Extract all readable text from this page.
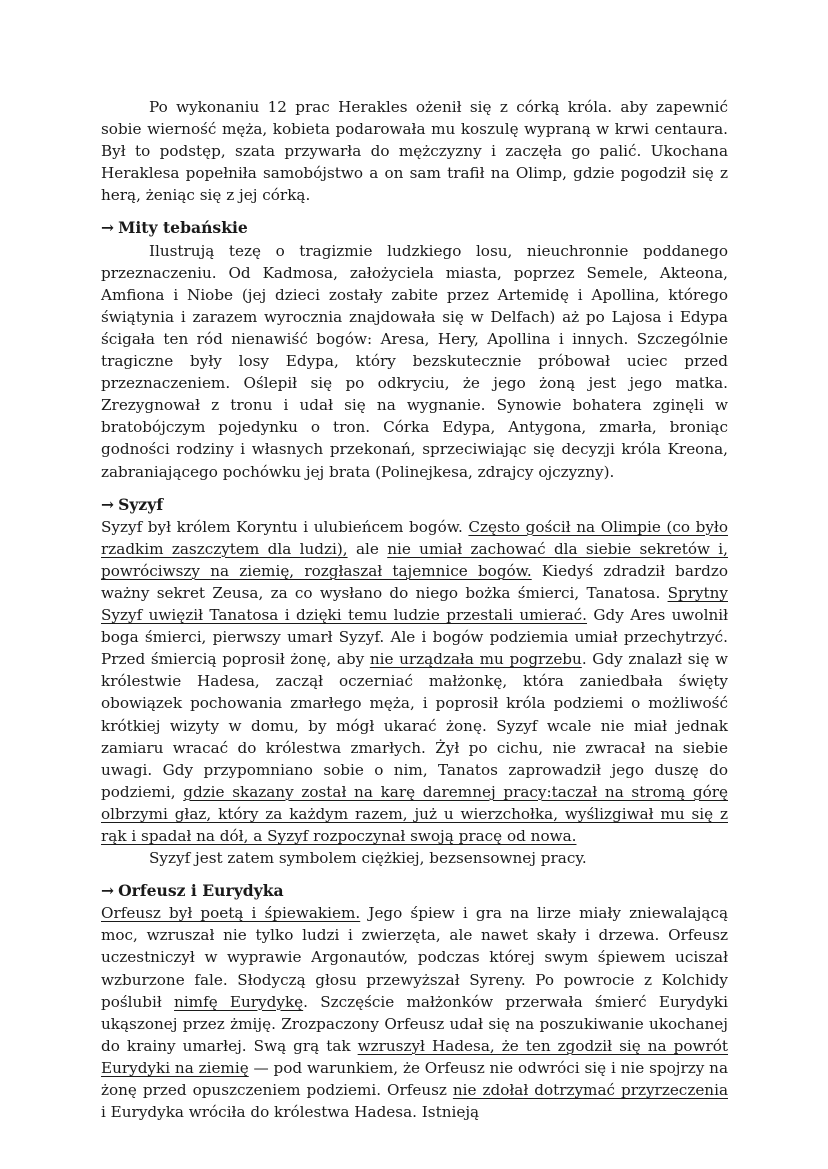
Po wykonaniu 12 prac Herakles ożenił się z córką króla. aby zapewnić sobie wierność męża, kobieta podarowała mu koszulę wypraną w krwi centaura. Był to podstęp, szata przywarła do mężczyzny i zaczęła go palić. Ukochana Heraklesa popełniła samobójstwo a on sam trafił na Olimp, gdzie pogodził się z herą, żeniąc się z jej córką.

→ Mity tebańskie

Ilustrują tezę o tragizmie ludzkiego losu, nieuchronnie poddanego przeznaczeniu. Od Kadmosa, założyciela miasta, poprzez Semele, Akteona, Amfiona i Niobe (jej dzieci zostały zabite przez Artemidę i Apollina, którego świątynia i zarazem wyrocznia znajdowała się w Delfach) aż po Lajosa i Edypa ścigała ten ród nienawiść bogów: Aresa, Hery, Apollina i innych. Szczególnie tragiczne były losy Edypa, który bezskutecznie próbował uciec przed przeznaczeniem. Oślepił się po odkryciu, że jego żoną jest jego matka. Zrezygnował z tronu i udał się na wygnanie. Synowie bohatera zginęli w bratobójczym pojedynku o tron. Córka Edypa, Antygona, zmarła, broniąc godności rodziny i własnych przekonań, sprzeciwiając się decyzji króla Kreona, zabraniającego pochówku jej brata (Polinejkesa, zdrajcy ojczyzny).

→ Syzyf

Syzyf był królem Koryntu i ulubieńcem bogów. Często gościł na Olimpie (co było rzadkim zaszczytem dla ludzi), ale nie umiał zachować dla siebie sekretów i, powróciwszy na ziemię, rozgłaszał tajemnice bogów. Kiedyś zdradził bardzo ważny sekret Zeusa, za co wysłano do niego bożka śmierci, Tanatosa. Sprytny Syzyf uwięził Tanatosa i dzięki temu ludzie przestali umierać. Gdy Ares uwolnił boga śmierci, pierwszy umarł Syzyf. Ale i bogów podziemia umiał przechytrzyć. Przed śmiercią poprosił żonę, aby nie urządzała mu pogrzebu. Gdy znalazł się w królestwie Hadesa, zaczął oczerniać małżonkę, która zaniedbała święty obowiązek pochowania zmarłego męża, i poprosił króla podziemi o możliwość krótkiej wizyty w domu, by mógł ukarać żonę. Syzyf wcale nie miał jednak zamiaru wracać do królestwa zmarłych. Żył po cichu, nie zwracał na siebie uwagi. Gdy przypomniano sobie o nim, Tanatos zaprowadził jego duszę do podziemi, gdzie skazany został na karę daremnej pracy:taczał na stromą górę olbrzymi głaz, który za każdym razem, już u wierzchołka, wyślizgiwał mu się z rąk i spadał na dół, a Syzyf rozpoczynał swoją pracę od nowa.

Syzyf jest zatem symbolem ciężkiej, bezsensownej pracy.

→ Orfeusz i Eurydyka

Orfeusz był poetą i śpiewakiem. Jego śpiew i gra na lirze miały zniewalającą moc, wzruszał nie tylko ludzi i zwierzęta, ale nawet skały i drzewa. Orfeusz uczestniczył w wyprawie Argonautów, podczas której swym śpiewem uciszał wzburzone fale. Słodyczą głosu przewyższał Syreny. Po powrocie z Kolchidy poślubił nimfę Eurydykę. Szczęście małżonków przerwała śmierć Eurydyki ukąszonej przez żmiję. Zrozpaczony Orfeusz udał się na poszukiwanie ukochanej do krainy umarłej. Swą grą tak wzruszył Hadesa, że ten zgodził się na powrót Eurydyki na ziemię — pod warunkiem, że Orfeusz nie odwróci się i nie spojrzy na żonę przed opuszczeniem podziemi. Orfeusz nie zdołał dotrzymać przyrzeczenia i Eurydyka wróciła do królestwa Hadesa. Istnieją
